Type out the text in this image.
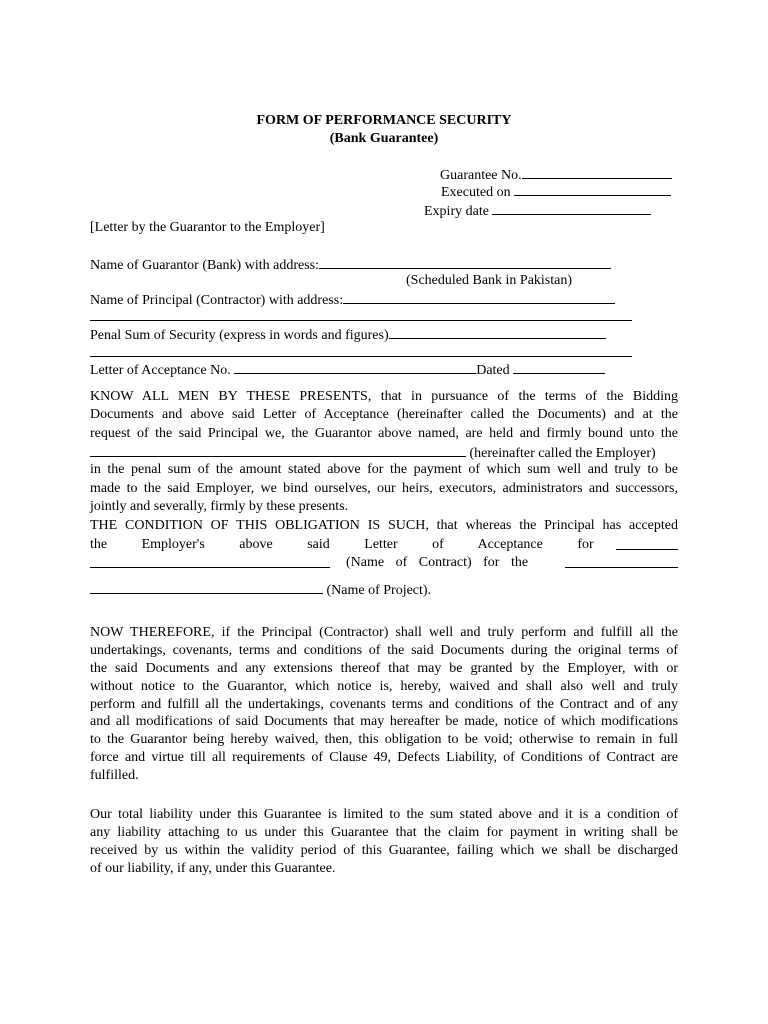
FORM OF PERFORMANCE SECURITY
(Bank Guarantee)
Guarantee No.
Executed on
Expiry date
[Letter by the Guarantor to the Employer]
Name of Guarantor (Bank) with address:
(Scheduled Bank in Pakistan)
Name of Principal (Contractor) with address:
Penal Sum of Security (express in words and figures)
Letter of Acceptance No.	Dated
KNOW ALL MEN BY THESE PRESENTS, that in pursuance of the terms of the Bidding
Documents and above said Letter of Acceptance (hereinafter called the Documents) and at the
request of the said Principal we, the Guarantor above named, are held and firmly bound unto the
(hereinafter called the Employer)
in the penal sum of the amount stated above for the payment of which sum well and truly to be
made to the said Employer, we bind ourselves, our heirs, executors, administrators and successors,
jointly and severally, firmly by these presents.
THE CONDITION OF THIS OBLIGATION IS SUCH, that whereas the Principal has accepted
the Employer's above said Letter of Acceptance for
(Name of Contract) for the
(Name of Project).
NOW THEREFORE, if the Principal (Contractor) shall well and truly perform and fulfill all the
undertakings, covenants, terms and conditions of the said Documents during the original terms of
the said Documents and any extensions thereof that may be granted by the Employer, with or
without notice to the Guarantor, which notice is, hereby, waived and shall also well and truly
perform and fulfill all the undertakings, covenants terms and conditions of the Contract and of any
and all modifications of said Documents that may hereafter be made, notice of which modifications
to the Guarantor being hereby waived, then, this obligation to be void; otherwise to remain in full
force and virtue till all requirements of Clause 49, Defects Liability, of Conditions of Contract are
fulfilled.
Our total liability under this Guarantee is limited to the sum stated above and it is a condition of
any liability attaching to us under this Guarantee that the claim for payment in writing shall be
received by us within the validity period of this Guarantee, failing which we shall be discharged
of our liability, if any, under this Guarantee.
